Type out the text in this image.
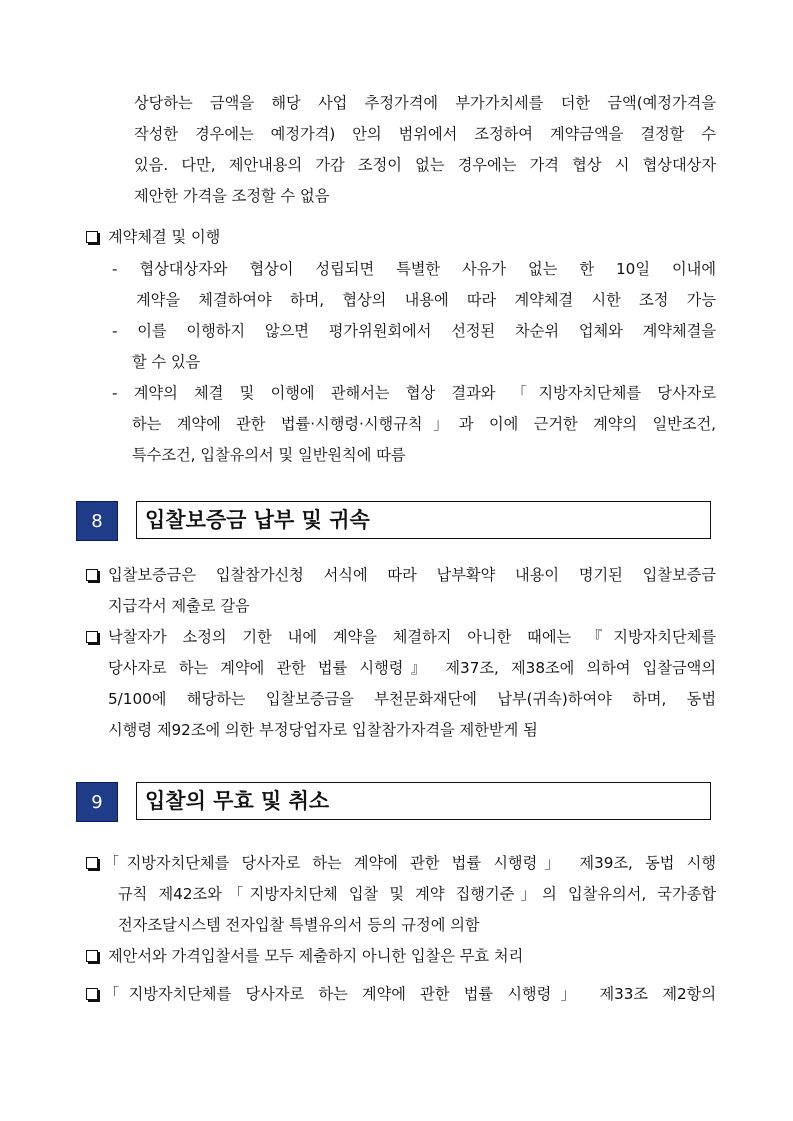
상당하는 금액을 해당 사업 추정가격에 부가가치세를 더한 금액(예정가격을
작성한 경우에는 예정가격) 안의 범위에서 조정하여 계약금액을 결정할 수
있음. 다만, 제안내용의 가감 조정이 없는 경우에는 가격 협상 시 협상대상자
제안한 가격을 조정할 수 없음
계약체결 및 이행
- 협상대상자와 협상이 성립되면 특별한 사유가 없는 한 10일 이내에
계약을 체결하여야 하며, 협상의 내용에 따라 계약체결 시한 조정 가능
- 이를 이행하지 않으면 평가위원회에서 선정된 차순위 업체와 계약체결을
할 수 있음
- 계약의 체결 및 이행에 관해서는 협상 결과와 「지방자치단체를 당사자로
하는 계약에 관한 법률·시행령·시행규칙」과 이에 근거한 계약의 일반조건,
특수조건, 입찰유의서 및 일반원칙에 따름
8	입찰보증금 납부 및 귀속
입찰보증금은 입찰참가신청 서식에 따라 납부확약 내용이 명기된 입찰보증금
지급각서 제출로 갈음
낙찰자가 소정의 기한 내에 계약을 체결하지 아니한 때에는 『지방자치단체를
당사자로 하는 계약에 관한 법률 시행령』 제37조, 제38조에 의하여 입찰금액의
5/100에 해당하는 입찰보증금을 부천문화재단에 납부(귀속)하여야 하며, 동법
시행령 제92조에 의한 부정당업자로 입찰참가자격을 제한받게 됨
9	입찰의 무효 및 취소
「지방자치단체를 당사자로 하는 계약에 관한 법률 시행령」 제39조, 동법 시행
규칙 제42조와「지방자치단체 입찰 및 계약 집행기준」의 입찰유의서, 국가종합
전자조달시스템 전자입찰 특별유의서 등의 규정에 의함
제안서와 가격입찰서를 모두 제출하지 아니한 입찰은 무효 처리
「지방자치단체를 당사자로 하는 계약에 관한 법률 시행령」 제33조 제2항의
